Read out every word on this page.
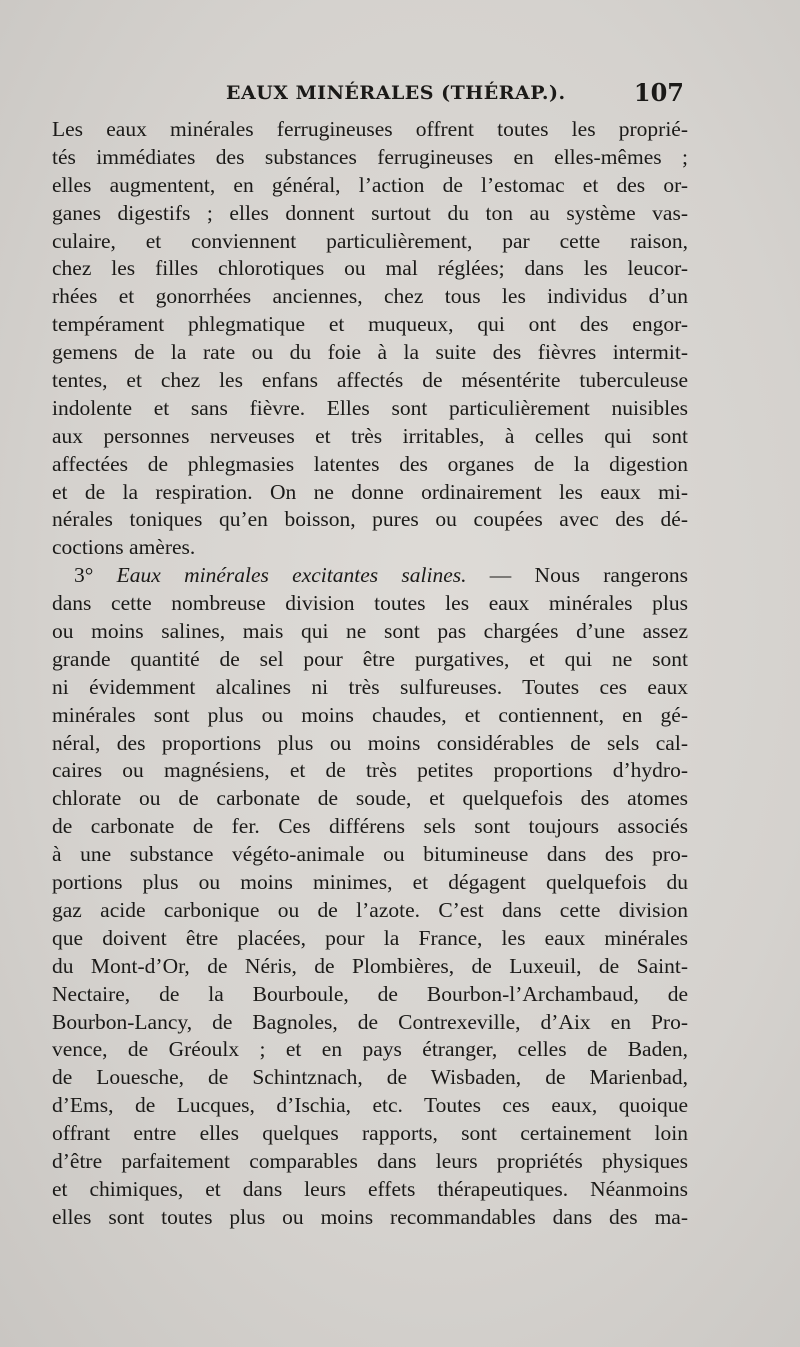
EAUX MINÉRALES (THÉRAP.).	107
Les eaux minérales ferrugineuses offrent toutes les proprié-
tés immédiates des substances ferrugineuses en elles-mêmes ;
elles augmentent, en général, l’action de l’estomac et des or-
ganes digestifs ; elles donnent surtout du ton au système vas-
culaire, et conviennent particulièrement, par cette raison,
chez les filles chlorotiques ou mal réglées; dans les leucor-
rhées et gonorrhées anciennes, chez tous les individus d’un
tempérament phlegmatique et muqueux, qui ont des engor-
gemens de la rate ou du foie à la suite des fièvres intermit-
tentes, et chez les enfans affectés de mésentérite tuberculeuse
indolente et sans fièvre. Elles sont particulièrement nuisibles
aux personnes nerveuses et très irritables, à celles qui sont
affectées de phlegmasies latentes des organes de la digestion
et de la respiration. On ne donne ordinairement les eaux mi-
nérales toniques qu’en boisson, pures ou coupées avec des dé-
coctions amères.
3° Eaux minérales excitantes salines. — Nous rangerons
dans cette nombreuse division toutes les eaux minérales plus
ou moins salines, mais qui ne sont pas chargées d’une assez
grande quantité de sel pour être purgatives, et qui ne sont
ni évidemment alcalines ni très sulfureuses. Toutes ces eaux
minérales sont plus ou moins chaudes, et contiennent, en gé-
néral, des proportions plus ou moins considérables de sels cal-
caires ou magnésiens, et de très petites proportions d’hydro-
chlorate ou de carbonate de soude, et quelquefois des atomes
de carbonate de fer. Ces différens sels sont toujours associés
à une substance végéto-animale ou bitumineuse dans des pro-
portions plus ou moins minimes, et dégagent quelquefois du
gaz acide carbonique ou de l’azote. C’est dans cette division
que doivent être placées, pour la France, les eaux minérales
du Mont-d’Or, de Néris, de Plombières, de Luxeuil, de Saint-
Nectaire, de la Bourboule, de Bourbon-l’Archambaud, de
Bourbon-Lancy, de Bagnoles, de Contrexeville, d’Aix en Pro-
vence, de Gréoulx ; et en pays étranger, celles de Baden,
de Louesche, de Schintznach, de Wisbaden, de Marienbad,
d’Ems, de Lucques, d’Ischia, etc. Toutes ces eaux, quoique
offrant entre elles quelques rapports, sont certainement loin
d’être parfaitement comparables dans leurs propriétés physiques
et chimiques, et dans leurs effets thérapeutiques. Néanmoins
elles sont toutes plus ou moins recommandables dans des ma-
